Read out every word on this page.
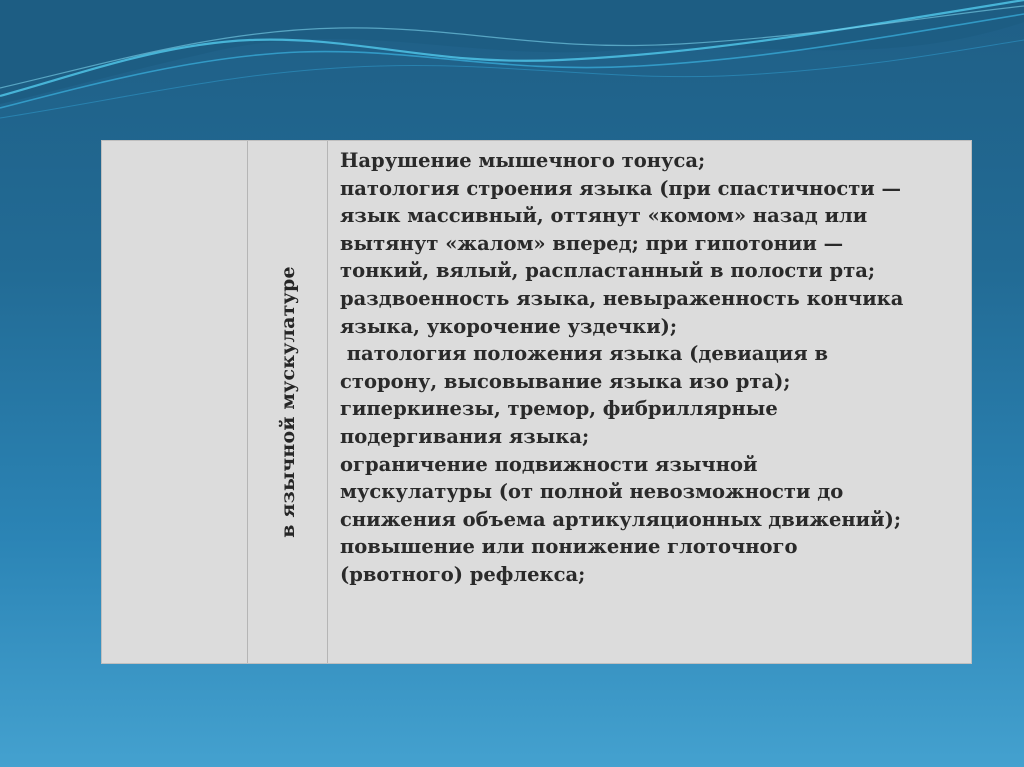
в язычной мускулатуре
Нарушение мышечного тонуса;
патология строения языка (при спастичности —
язык массивный, оттянут «комом» назад или
вытянут «жалом» вперед; при гипотонии —
тонкий, вялый, распластанный в полости рта;
раздвоенность языка, невыраженность кончика
языка, укорочение уздечки);
патология положения языка (девиация в
сторону, высовывание языка изо рта);
гиперкинезы, тремор, фибриллярные
подергивания языка;
ограничение подвижности язычной
мускулатуры (от полной невозможности до
снижения объема артикуляционных движений);
повышение или понижение глоточного
(рвотного) рефлекса;
